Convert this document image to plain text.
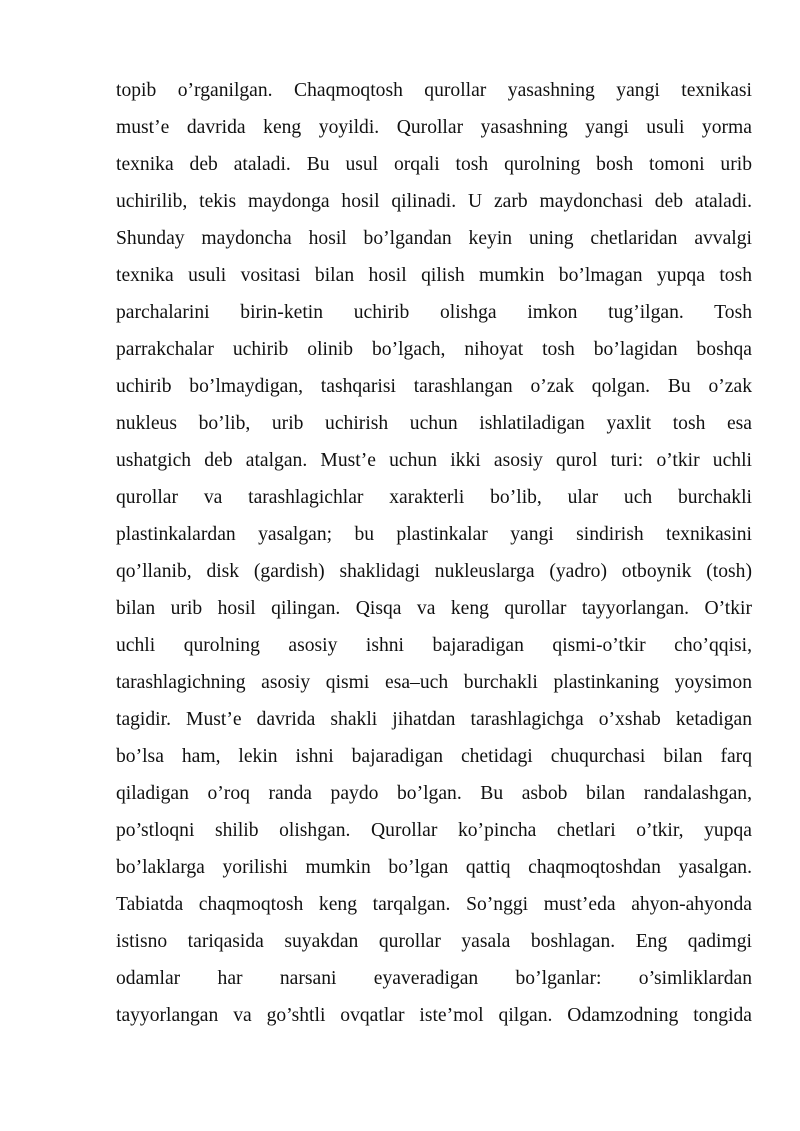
topib o’rganilgan. Chaqmoqtosh qurollar yasashning yangi texnikasi
must’e davrida keng yoyildi. Qurollar yasashning yangi usuli yorma
texnika deb ataladi. Bu usul orqali tosh qurolning bosh tomoni urib
uchirilib, tekis maydonga hosil qilinadi. U zarb maydonchasi deb ataladi.
Shunday maydoncha hosil bo’lgandan keyin uning chetlaridan avvalgi
texnika usuli vositasi bilan hosil qilish mumkin bo’lmagan yupqa tosh
parchalarini birin-ketin uchirib olishga imkon tug’ilgan. Tosh
parrakchalar uchirib olinib bo’lgach, nihoyat tosh bo’lagidan boshqa
uchirib bo’lmaydigan, tashqarisi tarashlangan o’zak qolgan. Bu o’zak
nukleus bo’lib, urib uchirish uchun ishlatiladigan yaxlit tosh esa
ushatgich deb atalgan. Must’e uchun ikki asosiy qurol turi: o’tkir uchli
qurollar va tarashlagichlar xarakterli bo’lib, ular uch burchakli
plastinkalardan yasalgan; bu plastinkalar yangi sindirish texnikasini
qo’llanib, disk (gardish) shaklidagi nukleuslarga (yadro) otboynik (tosh)
bilan urib hosil qilingan. Qisqa va keng qurollar tayyorlangan. O’tkir
uchli qurolning asosiy ishni bajaradigan qismi-o’tkir cho’qqisi,
tarashlagichning asosiy qismi esa–uch burchakli plastinkaning yoysimon
tagidir. Must’e davrida shakli jihatdan tarashlagichga o’xshab ketadigan
bo’lsa ham, lekin ishni bajaradigan chetidagi chuqurchasi bilan farq
qiladigan o’roq randa paydo bo’lgan. Bu asbob bilan randalashgan,
po’stloqni shilib olishgan. Qurollar ko’pincha chetlari o’tkir, yupqa
bo’laklarga yorilishi mumkin bo’lgan qattiq chaqmoqtoshdan yasalgan.
Tabiatda chaqmoqtosh keng tarqalgan. So’nggi must’eda ahyon-ahyonda
istisno tariqasida suyakdan qurollar yasala boshlagan. Eng qadimgi
odamlar har narsani eyaveradigan bo’lganlar: o’simliklardan
tayyorlangan va go’shtli ovqatlar iste’mol qilgan. Odamzodning tongida
